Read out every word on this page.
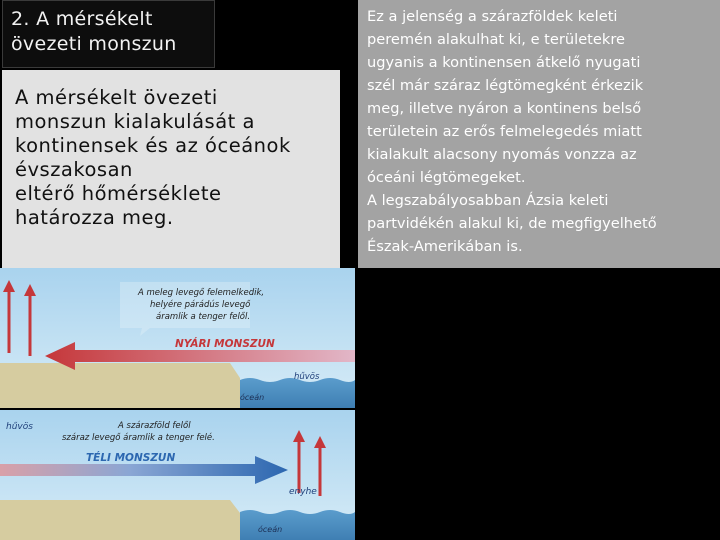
2. A mérsékelt
övezeti monszun
A mérsékelt övezeti
monszun kialakulását a
kontinensek és az óceánok
évszakosan
eltérő hőmérséklete
határozza meg.
Ez a jelenség a szárazföldek keleti
peremén alakulhat ki, e területekre
ugyanis a kontinensen átkelő nyugati
szél már száraz légtömegként érkezik
meg, illetve nyáron a kontinens belső
területein az erős felmelegedés miatt
kialakult alacsony nyomás vonzza az
óceáni légtömegeket.
A legszabályosabban Ázsia keleti
partvidékén alakul ki, de megfigyelhető
Észak-Amerikában is.
A meleg levegő felemelkedik,
helyére párádús levegő
áramlik a tenger felől.
NYÁRI MONSZUN
hűvös
óceán
hűvös	A szárazföld felől
száraz levegő áramlik a tenger felé.
TÉLI MONSZUN
enyhe
óceán
